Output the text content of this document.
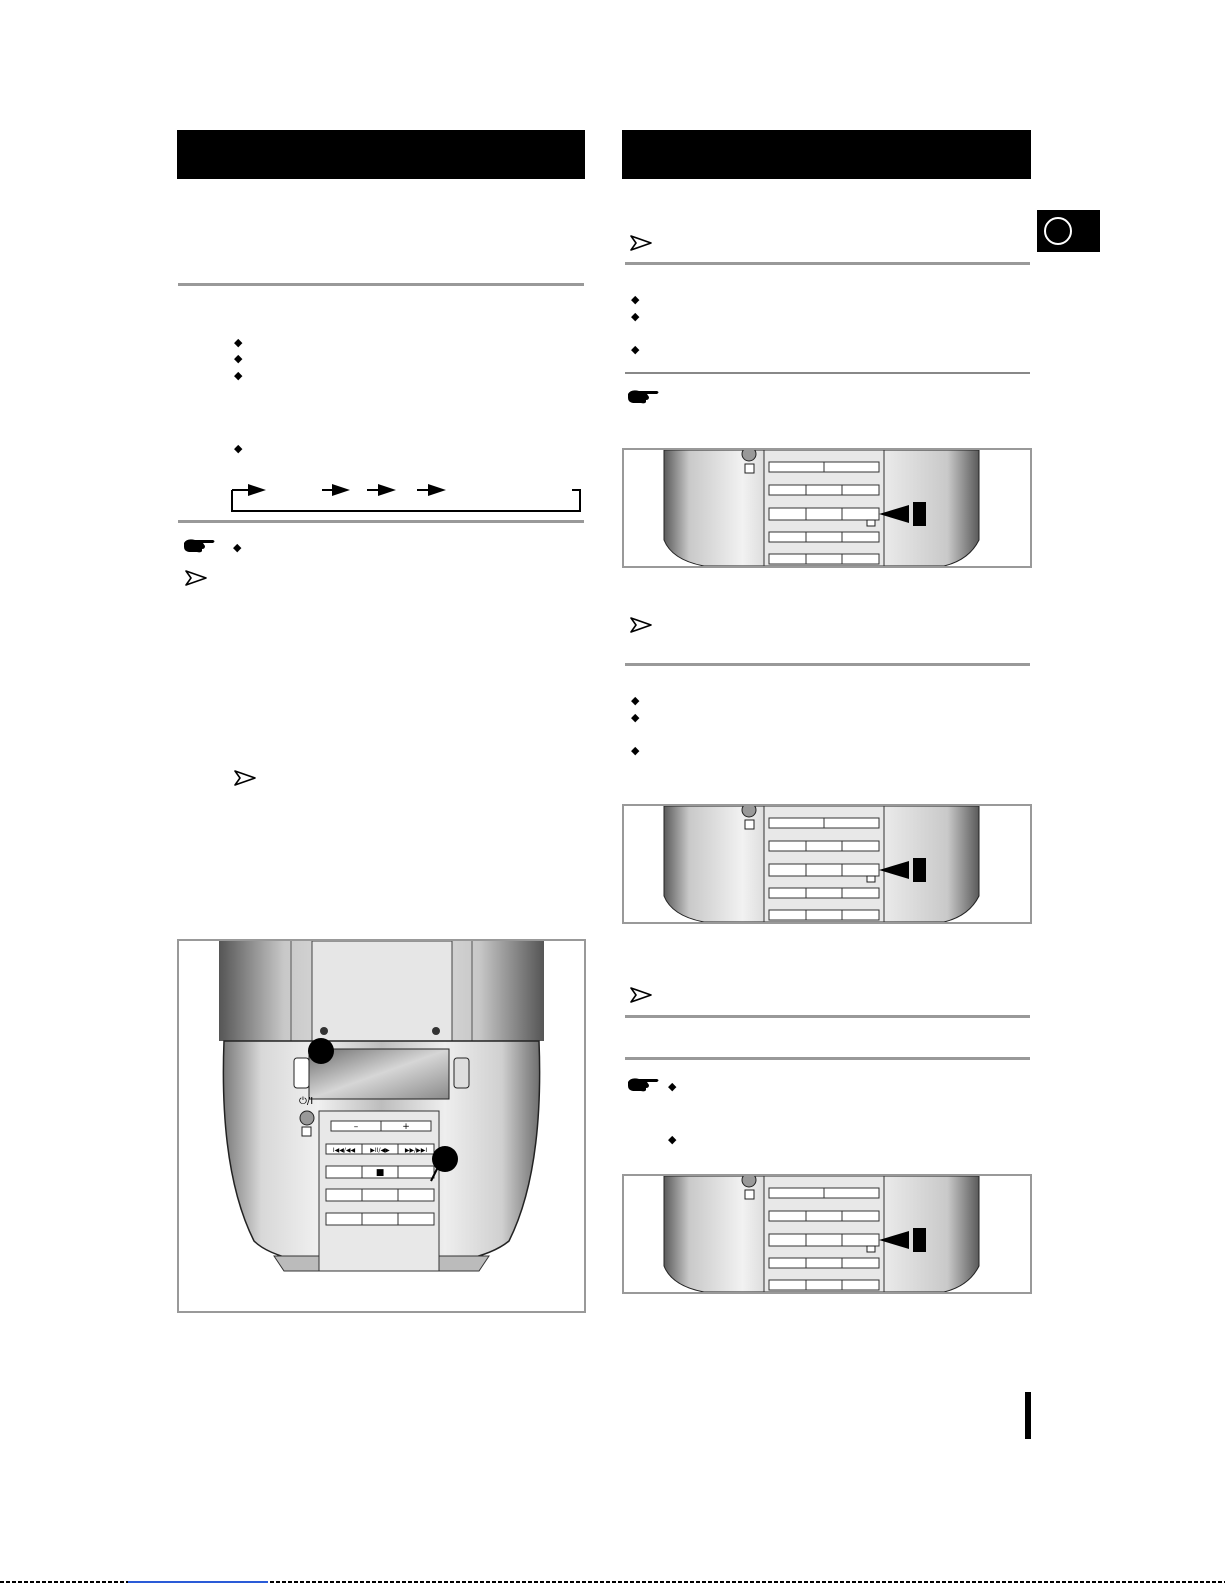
◆
◆
◆
◆
◆
⏻/I
–	+
I◀◀/◀◀	▶II/◀▶	▶▶/▶▶I
■
◆
◆
◆
◆
◆
◆
◆
◆
